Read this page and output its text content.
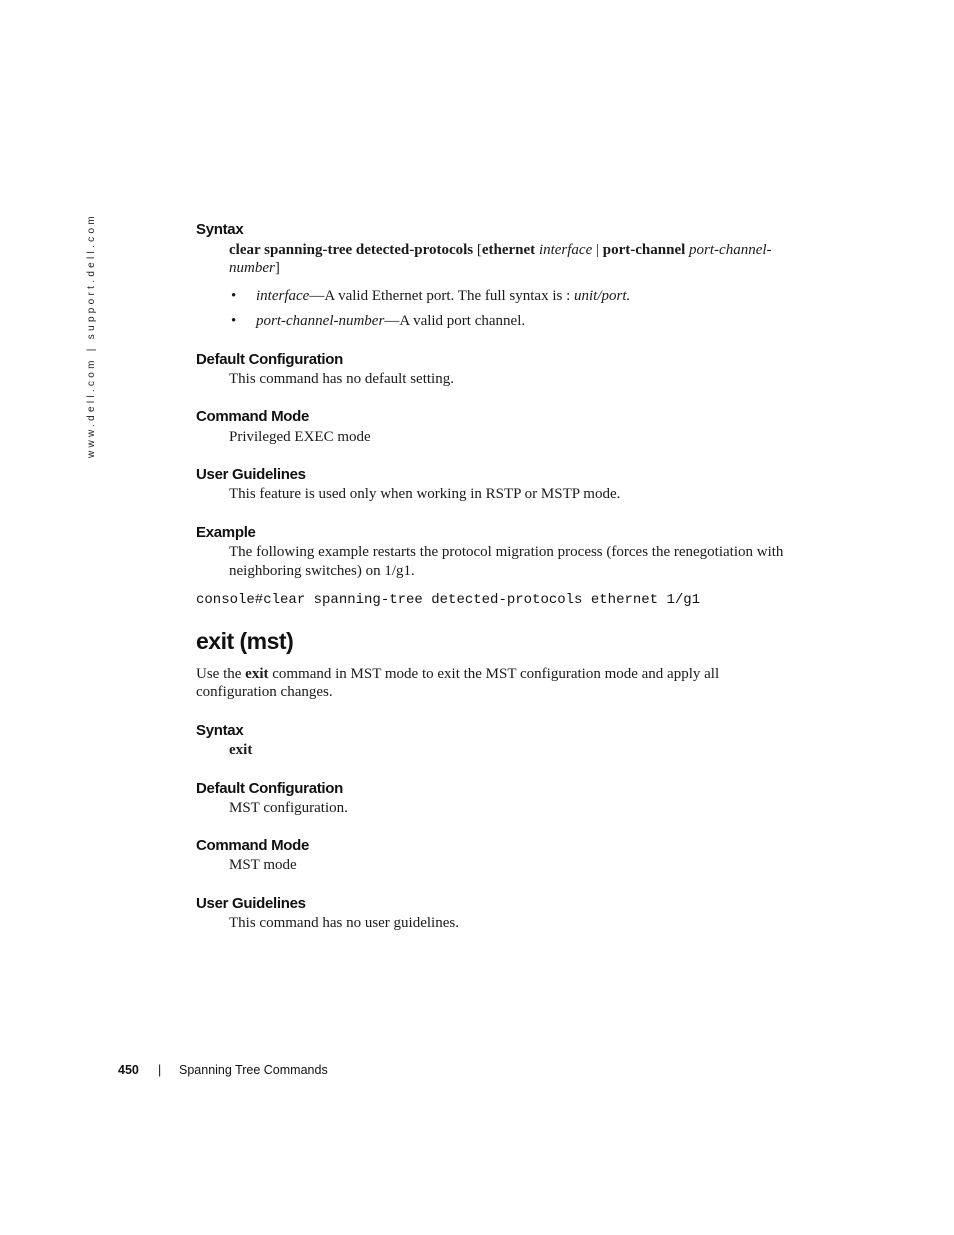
www.dell.com | support.dell.com	Syntax
clear spanning-tree detected-protocols [ethernet interface | port-channel port-channel-
number]
• interface—A valid Ethernet port. The full syntax is : unit/port.
• port-channel-number—A valid port channel.
Default Configuration
This command has no default setting.
Command Mode
Privileged EXEC mode
User Guidelines
This feature is used only when working in RSTP or MSTP mode.
Example
The following example restarts the protocol migration process (forces the renegotiation with
neighboring switches) on 1/g1.
console#clear spanning-tree detected-protocols ethernet 1/g1
exit (mst)
Use the exit command in MST mode to exit the MST configuration mode and apply all
configuration changes.
Syntax
exit
Default Configuration
MST configuration.
Command Mode
MST mode
User Guidelines
This command has no user guidelines.
450 | Spanning Tree Commands
